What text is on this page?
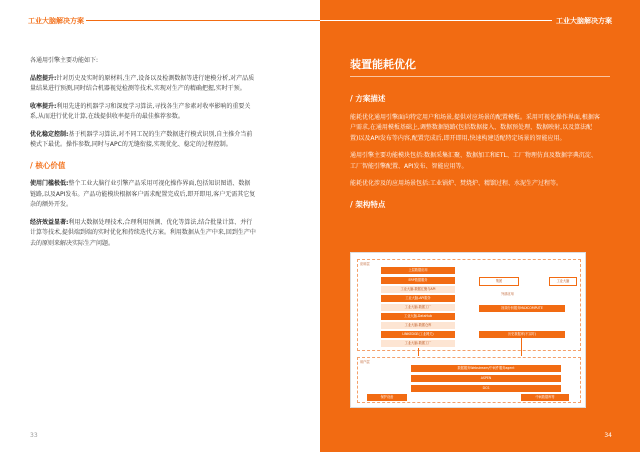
工业大脑解决方案

各通用引擎主要功能如下:

品控提升:针对历史及实时的原材料,生产,设备以及检测数据等进行建模分析,对产品质量结果进行预测,同时结合机器视觉检测等技术,实现对生产的精确把握,实时干预。

收率提升:利用先进的机器学习和深度学习算法,寻找各生产参素对收率影响的重要关系,从而进行优化计算,在线提供收率提升的最佳推荐参数。

优化稳定控制:基于机器学习算法,对不同工况的生产数据进行模式识别,自主推介当前模式下最优。操作参数,同时与APC的无缝衔接,实现优化、稳定的过程控制。

/ 核心价值

使用门槛极低:整个工业大脑行业引擎产品采用可视化操作界面,包括知识图谱、数据链路,以及API发布。产品功能模块根据客户需求配置完成后,即开即用,客户无需其它复杂的额外开发。

经济效益显著:利用大数据处理技术,合理利用预测、优化等算法,结合批量计算、并行计算等技术,提供端到端的实时优化和持续迭代方案。利用数据从生产中来,回到生产中去的原则来解决实际生产问题。

33
工业大脑解决方案
装置能耗优化
/ 方案描述

能耗优化通用引擎面向特定用户和场景,提供对应场景的配置模板。采用可视化操作界面,根据客户需求,在通用模板基础上,调整数据链路(包括数据接入、数据预处理、数据映射,以及算法配置)以及API发布等内容,配置完成后,即开即用,快速构建适配特定场景的智能应用。

通用引擎主要功能模块包括:数据采集汇聚、数据加工和ETL、工厂物理仿真及数据字典沉淀、工厂智能引擎配置、API发布、智能应用等。

能耗优化涉及的应用场景包括:工业锅炉、焚烧炉、精馏过程、水泥生产过程等。

/ 架构特点
应用层
上层数据应用
ERP数据服务
工业大脑-数据汇聚与API
工业大脑-API服务
工业大脑-数据工厂
工业大脑-DataHub
工业大脑-数据仓库
LINKEDGE(工业网关)
工业大脑-数据工厂
集团
视频分析服务MAXCOMPUTE
历史数据库(不实时)
外部应用
工业大脑
用户层
数据服务Webstream/中间件服务agent
ASPEN
DCS
保护设备	中间数据库等
34
